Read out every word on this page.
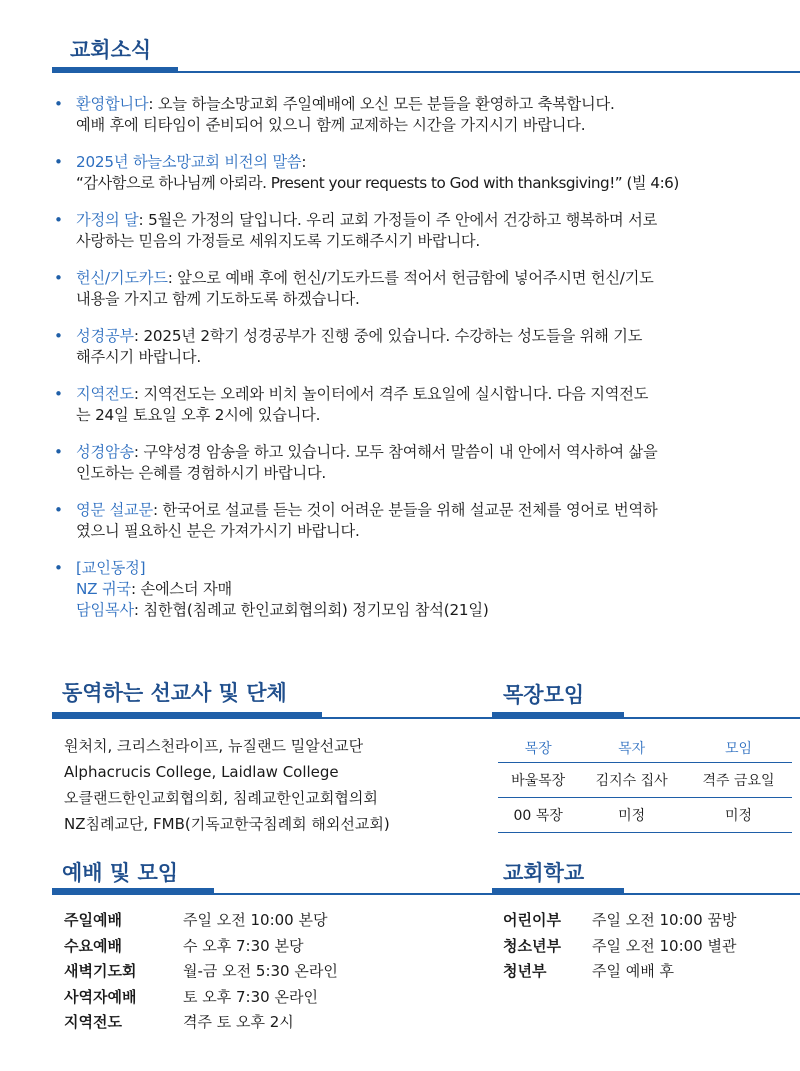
교회소식
• 환영합니다: 오늘 하늘소망교회 주일예배에 오신 모든 분들을 환영하고 축복합니다.
예배 후에 티타임이 준비되어 있으니 함께 교제하는 시간을 가지시기 바랍니다.
• 2025년 하늘소망교회 비전의 말씀:
“감사함으로 하나님께 아뢰라. Present your requests to God with thanksgiving!” (빌 4:6)
• 가정의 달: 5월은 가정의 달입니다. 우리 교회 가정들이 주 안에서 건강하고 행복하며 서로
사랑하는 믿음의 가정들로 세워지도록 기도해주시기 바랍니다.
• 헌신/기도카드: 앞으로 예배 후에 헌신/기도카드를 적어서 헌금함에 넣어주시면 헌신/기도
내용을 가지고 함께 기도하도록 하겠습니다.
• 성경공부: 2025년 2학기 성경공부가 진행 중에 있습니다. 수강하는 성도들을 위해 기도
해주시기 바랍니다.
• 지역전도: 지역전도는 오레와 비치 놀이터에서 격주 토요일에 실시합니다. 다음 지역전도
는 24일 토요일 오후 2시에 있습니다.
• 성경암송: 구약성경 암송을 하고 있습니다. 모두 참여해서 말씀이 내 안에서 역사하여 삶을
인도하는 은혜를 경험하시기 바랍니다.
• 영문 설교문: 한국어로 설교를 듣는 것이 어려운 분들을 위해 설교문 전체를 영어로 번역하
였으니 필요하신 분은 가져가시기 바랍니다.
• [교인동정]
NZ 귀국: 손에스더 자매
담임목사: 침한협(침례교 한인교회협의회) 정기모임 참석(21일)
동역하는 선교사 및 단체
원처치, 크리스천라이프, 뉴질랜드 밀알선교단
Alphacrucis College, Laidlaw College
오클랜드한인교회협의회, 침례교한인교회협의회
NZ침례교단, FMB(기독교한국침례회 해외선교회)
목장모임
목장	목자	모임
바울목장	김지수 집사	격주 금요일
00 목장	미정	미정
예배 및 모임
주일예배	주일 오전 10:00 본당
수요예배	수 오후 7:30 본당
새벽기도회	월-금 오전 5:30 온라인
사역자예배	토 오후 7:30 온라인
지역전도	격주 토 오후 2시
교회학교
어린이부	주일 오전 10:00 꿈방
청소년부	주일 오전 10:00 별관
청년부	주일 예배 후
